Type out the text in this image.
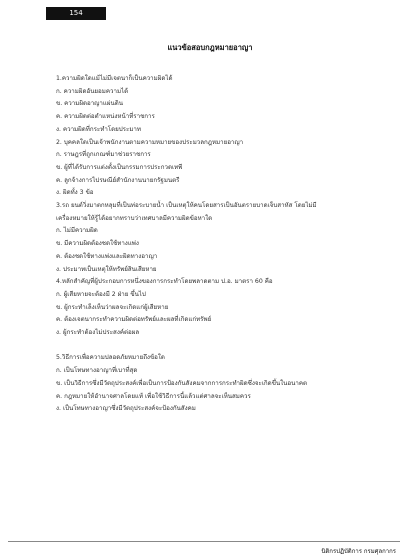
154
แนวข้อสอบกฎหมายอาญา
1.ความผิดใดแม้ไม่มีเจตนาก็เป็นความผิดได้
ก. ความผิดอันยอมความได้
ข. ความผิดอาญาแผ่นดิน
ค. ความผิดต่อตำแหน่งหน้าที่ราชการ
ง. ความผิดที่กระทำโดยประมาท
2. บุคคลใดเป็นเจ้าพนักงานตามความหมายของประมวลกฎหมายอาญา
ก. ราษฎรที่ถูกเกณฑ์มาช่วยราชการ
ข. ผู้ที่ได้รับการแต่งตั้งเป็นกรรมการประกวดเทพี
ค. ลูกจ้างการไปรษณีย์สำนักงานนายกรัฐมนตรี
ง. ผิดทั้ง 3 ข้อ
3.รถ ยนต์วิ่งมาตกหลุมที่เป็นท่อระบายน้ำ เป็นเหตุให้คนโดยสารเป็นอันตรายบาดเจ็บสาหัส โดยไม่มี
เครื่องหมายให้รู้ได้อยากทราบว่าเทศบาลมีความผิดข้อหาใด
ก. ไม่มีความผิด
ข. มีความผิดต้องชดใช้ทางแพ่ง
ค. ต้องชดใช้ทางแพ่งและผิดทางอาญา
ง. ประมาทเป็นเหตุให้ทรัพย์สินเสียหาย
4.หลักสำคัญที่ผู้ประกอบการหนึ่งของการกระทำโดยพลาดตาม ป.อ. มาตรา 60 คือ
ก. ผู้เสียหายจะต้องมี 2 ฝ่าย ขึ้นไป
ข. ผู้กระทำเล็งเห็นว่าผลจะเกิดแก่ผู้เสียหาย
ค. ต้องเจตนากระทำความผิดต่อทรัพย์และผลที่เกิดแก่ทรัพย์
ง. ผู้กระทำต้องไม่ประสงค์ต่อผล
5.วิธีการเพื่อความปลอดภัยหมายถึงข้อใด
ก. เป็นโทษทางอาญาที่เบาที่สุด
ข. เป็นวิธีการซึ่งมีวัตถุประสงค์เพื่อเป็นการป้องกันสังคมจากการกระทำผิดซึ่งจะเกิดขึ้นในอนาคต
ค. กฎหมายให้อำนาจศาลโดยแท้ เพื่อใช้วิธีการนี้แล้วแต่ศาลจะเห็นสมควร
ง. เป็นโทษทางอาญาซึ่งมีวัตถุประสงค์จะป้องกันสังคม
นิติกรปฏิบัติการ กรมศุลกากร
